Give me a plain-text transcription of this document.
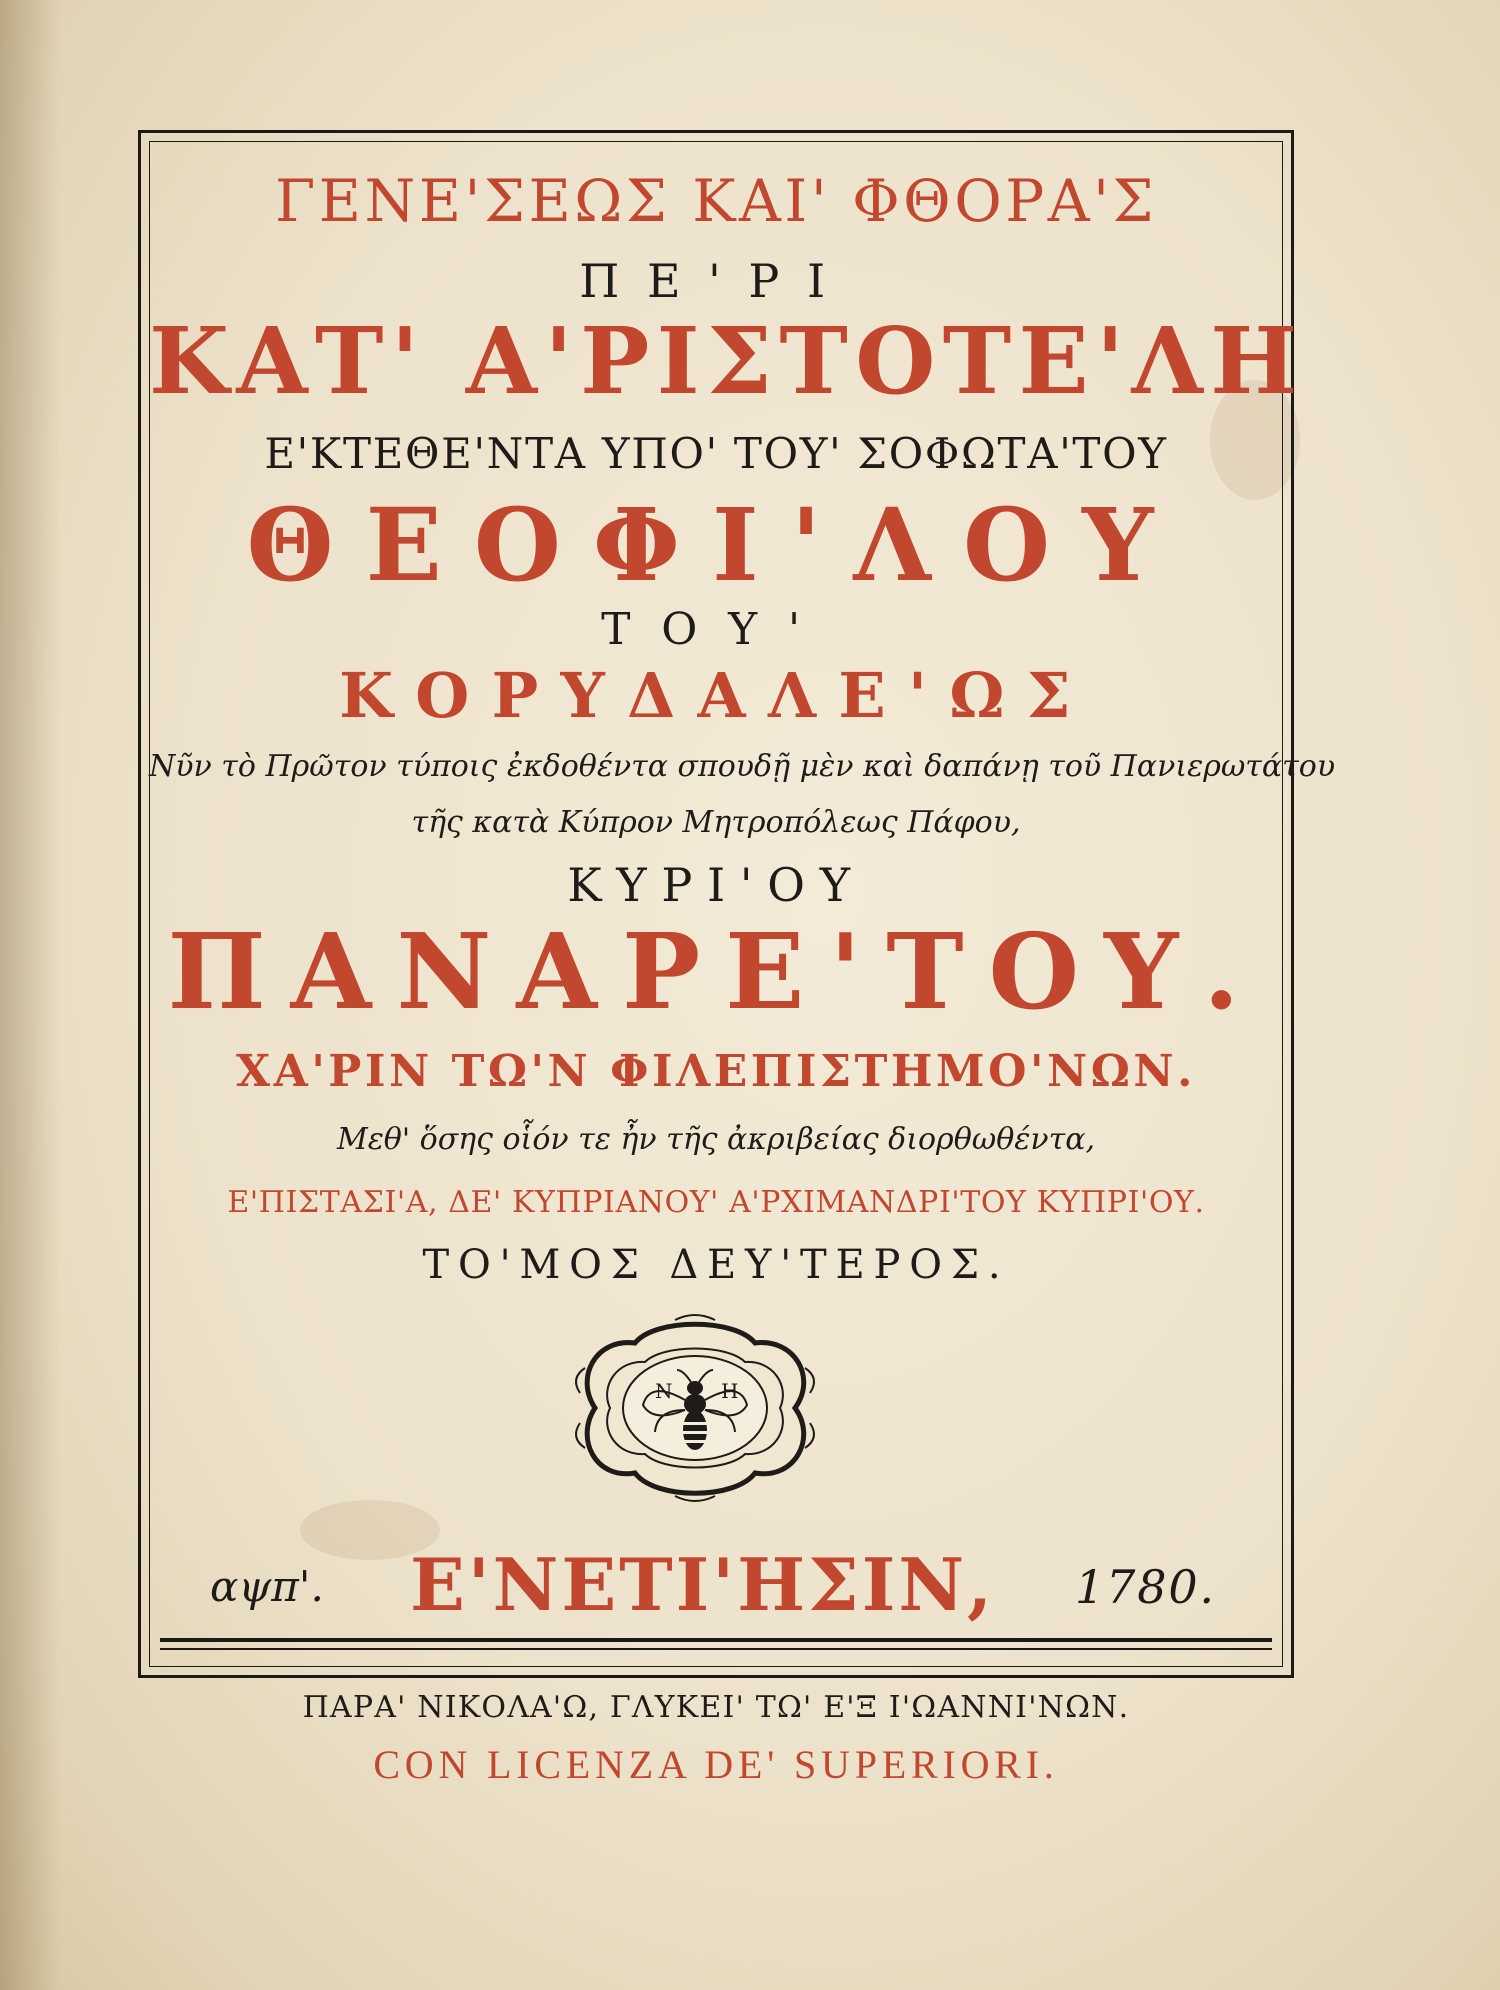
ΓΕΝΕ'ΣΕΩΣ ΚΑΙ' ΦΘΟΡΑ'Σ
ΠΕ'ΡΙ
ΚΑΤ' Α'ΡΙΣΤΟΤΕ'ΛΗ
Ε'ΚΤΕΘΕ'ΝΤΑ ΥΠΟ' ΤΟΥ' ΣΟΦΩΤΑ'ΤΟΥ
ΘΕΟΦΙ'ΛΟΥ
ΤΟΥ'
ΚΟΡΥΔΑΛΕ'ΩΣ
Νῦν τὸ Πρῶτον τύποις ἐκδοθέντα σπουδῇ μὲν καὶ δαπάνῃ τοῦ Πανιερωτάτου
τῆς κατὰ Κύπρον Μητροπόλεως Πάφου,
ΚΥΡΙ'ΟΥ
ΠΑΝΑΡΕ'ΤΟΥ.
ΧΑ'ΡΙΝ ΤΩ'Ν ΦΙΛΕΠΙΣΤΗΜΟ'ΝΩΝ.
Μεθ' ὅσης οἷόν τε ἦν τῆς ἀκριβείας διορθωθέντα,
Ε'ΠΙΣΤΑΣΙ'Α, ΔΕ' ΚΥΠΡΙΑΝΟΥ' Α'ΡΧΙΜΑΝΔΡΙ'ΤΟΥ ΚΥΠΡΙ'ΟΥ.
ΤΟ'ΜΟΣ ΔΕΥ'ΤΕΡΟΣ.
Ν Η
αψπ'. Ε'ΝΕΤΙ'ΗΣΙΝ, 1780.
ΠΑΡΑ' ΝΙΚΟΛΑ'Ω, ΓΛΥΚΕΙ' ΤΩ' Ε'Ξ Ι'ΩΑΝΝΙ'ΝΩΝ.
CON LICENZA DE' SUPERIORI.
